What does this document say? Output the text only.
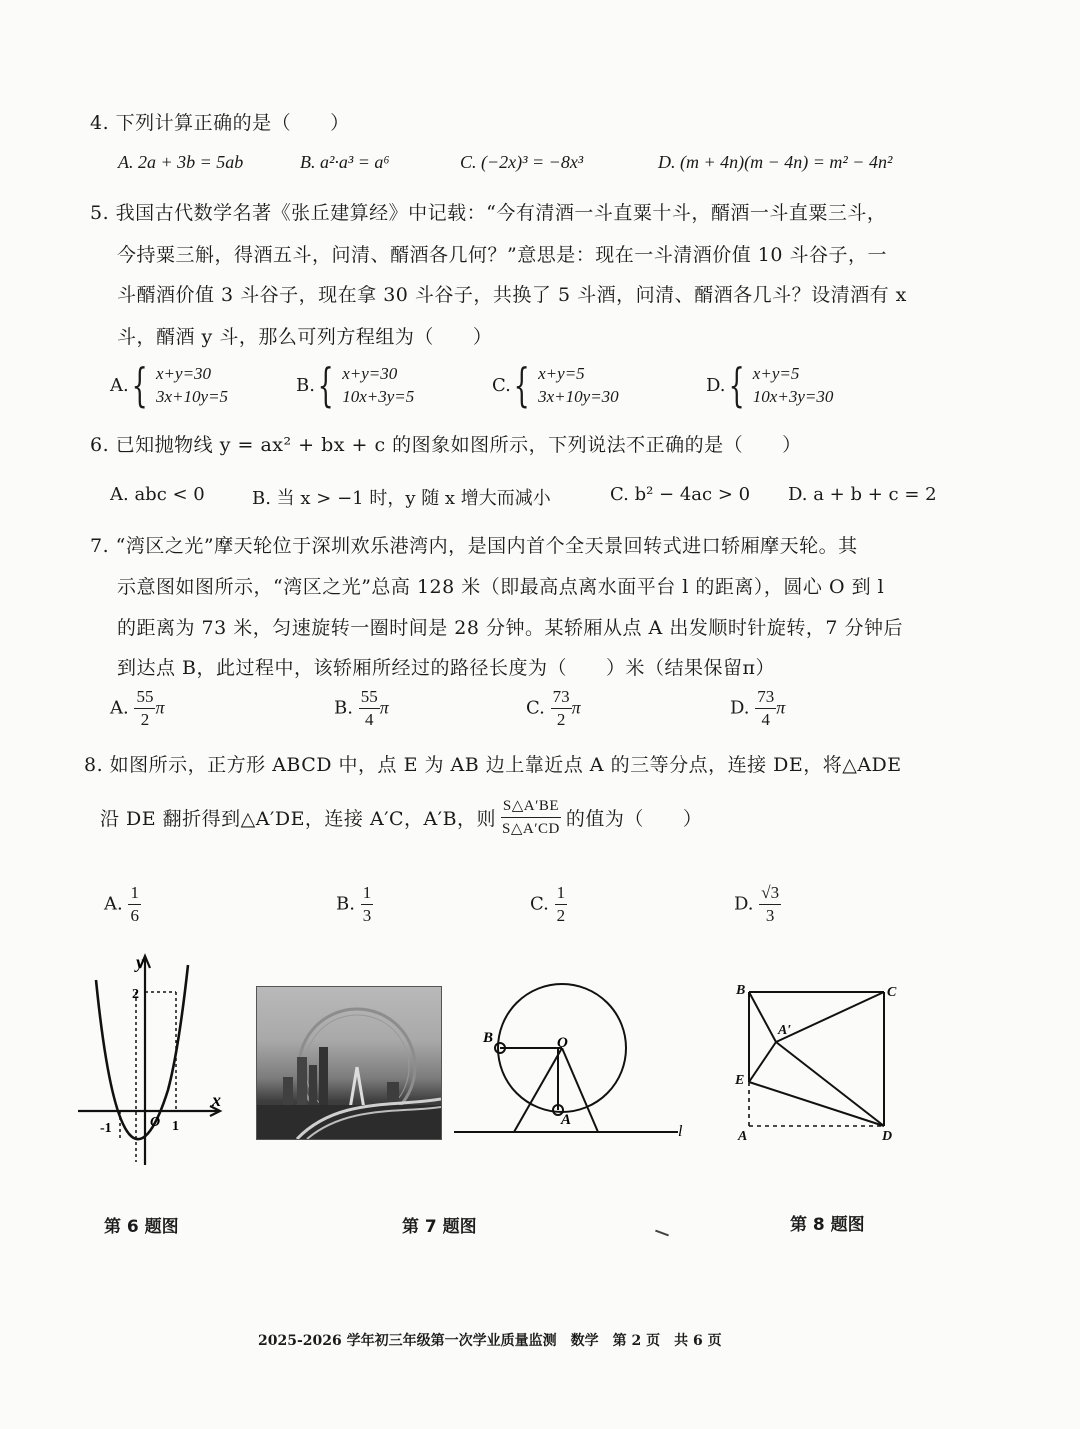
4. 下列计算正确的是（　　）
A. 2a + 3b = 5ab	B. a²·a³ = a⁶	C. (−2x)³ = −8x³	D. (m + 4n)(m − 4n) = m² − 4n²
5. 我国古代数学名著《张丘建算经》中记载：“今有清酒一斗直粟十斗，醑酒一斗直粟三斗，
今持粟三斛，得酒五斗，问清、醑酒各几何？”意思是：现在一斗清酒价值 10 斗谷子，一
斗醑酒价值 3 斗谷子，现在拿 30 斗谷子，共换了 5 斗酒，问清、醑酒各几斗？设清酒有 x
斗，醑酒 y 斗，那么可列方程组为（　　）
A. { x+y=30
3x+10y=5
B. { x+y=30
10x+3y=5
C. { x+y=5
3x+10y=30
D. { x+y=5
10x+3y=30
6. 已知抛物线 y = ax² + bx + c 的图象如图所示，下列说法不正确的是（　　）
A. abc < 0	B. 当 x > −1 时，y 随 x 增大而减小	C. b² − 4ac > 0 D. a + b + c = 2
7. “湾区之光”摩天轮位于深圳欢乐港湾内，是国内首个全天景回转式进口轿厢摩天轮。其
示意图如图所示，“湾区之光”总高 128 米（即最高点离水面平台 l 的距离），圆心 O 到 l
的距离为 73 米，匀速旋转一圈时间是 28 分钟。某轿厢从点 A 出发顺时针旋转，7 分钟后
到达点 B，此过程中，该轿厢所经过的路径长度为（　　）米（结果保留π）
A. $\frac{55}{2}$ π	B. $\frac{55}{4}$ π	C. $\frac{73}{2}$ π	D. $\frac{73}{4}$ π
8. 如图所示，正方形 ABCD 中，点 E 为 AB 边上靠近点 A 的三等分点，连接 DE，将△ADE
沿 DE 翻折得到△A′DE，连接 A′C，A′B，则 $\frac{S\triangle A'BE}{S\triangle A'CD}$ 的值为（　　）
A. $\frac{1}{6}$	B. $\frac{1}{3}$	C. $\frac{1}{2}$	D. $\frac{√3}{3}$
y
x
2
-1	O 1
B	O
A
l
B	C
A′
E
A	D
第 6 题图	第 7 题图	第 8 题图
2025-2026 学年初三年级第一次学业质量监测　数学　第 2 页　共 6 页
